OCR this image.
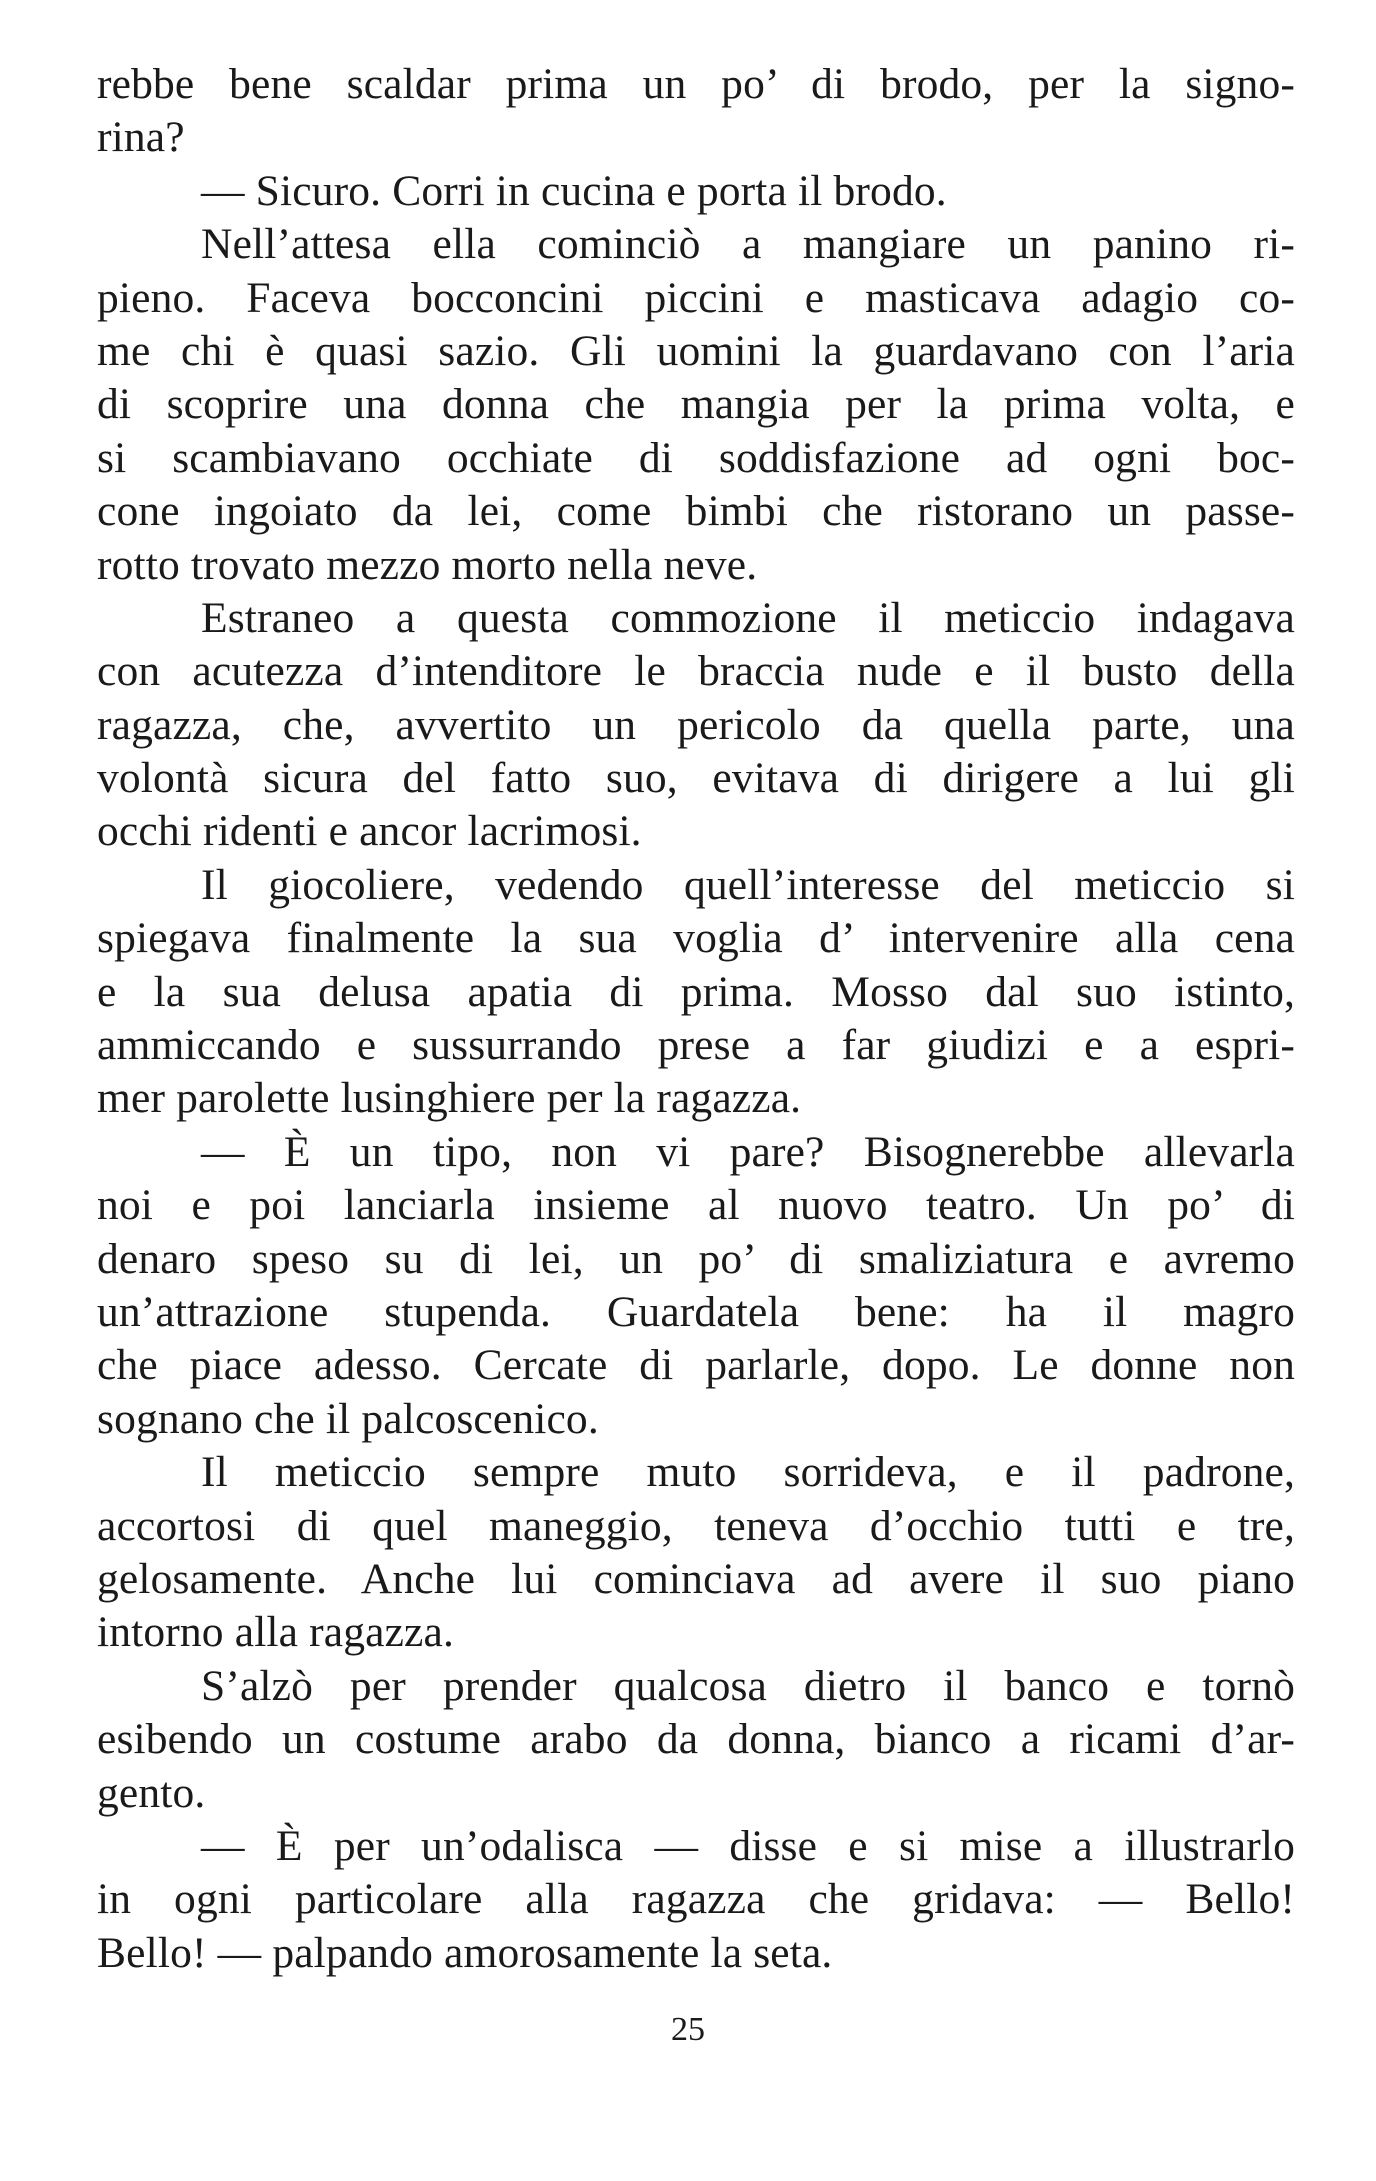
rebbe bene scaldar prima un po’ di brodo, per la signo-
rina?
— Sicuro. Corri in cucina e porta il brodo.
Nell’attesa ella cominciò a mangiare un panino ri-
pieno. Faceva bocconcini piccini e masticava adagio co-
me chi è quasi sazio. Gli uomini la guardavano con l’aria
di scoprire una donna che mangia per la prima volta, e
si scambiavano occhiate di soddisfazione ad ogni boc-
cone ingoiato da lei, come bimbi che ristorano un passe-
rotto trovato mezzo morto nella neve.
Estraneo a questa commozione il meticcio indagava
con acutezza d’intenditore le braccia nude e il busto della
ragazza, che, avvertito un pericolo da quella parte, una
volontà sicura del fatto suo, evitava di dirigere a lui gli
occhi ridenti e ancor lacrimosi.
Il giocoliere, vedendo quell’interesse del meticcio si
spiegava finalmente la sua voglia d’ intervenire alla cena
e la sua delusa apatia di prima. Mosso dal suo istinto,
ammiccando e sussurrando prese a far giudizi e a espri-
mer parolette lusinghiere per la ragazza.
— È un tipo, non vi pare? Bisognerebbe allevarla
noi e poi lanciarla insieme al nuovo teatro. Un po’ di
denaro speso su di lei, un po’ di smaliziatura e avremo
un’attrazione stupenda. Guardatela bene: ha il magro
che piace adesso. Cercate di parlarle, dopo. Le donne non
sognano che il palcoscenico.
Il meticcio sempre muto sorrideva, e il padrone,
accortosi di quel maneggio, teneva d’occhio tutti e tre,
gelosamente. Anche lui cominciava ad avere il suo piano
intorno alla ragazza.
S’alzò per prender qualcosa dietro il banco e tornò
esibendo un costume arabo da donna, bianco a ricami d’ar-
gento.
— È per un’odalisca — disse e si mise a illustrarlo
in ogni particolare alla ragazza che gridava: — Bello!
Bello! — palpando amorosamente la seta.
25
